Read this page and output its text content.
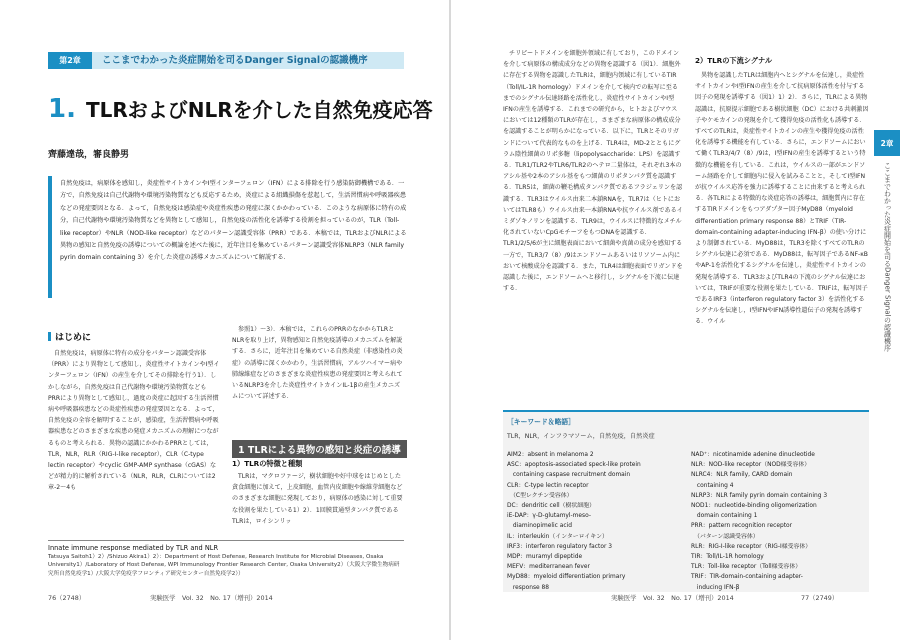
第2章	ここまでわかった炎症開始を司るDanger Signalの認識機序
1. TLRおよびNLRを介した自然免疫応答
齊藤達哉，審良静男

自然免疫は，病原体を感知し，炎症性サイトカインやⅠ型インターフェロン（IFN）による排除を行う感染防御機構である．一方で，自然免疫は自己代謝物や環境汚染物質なども反応するため，炎症による組織損傷を惹起して，生活習慣病や呼吸器疾患などの発症要因となる．よって，自然免疫は感染症や炎症性疾患の発症に深くかかわっている．このような病原体に特有の成分，自己代謝物や環境汚染物質などを異物として感知し，自然免疫の活性化を誘導する役割を担っているのが，TLR（Toll-like receptor）やNLR（NOD-like receptor）などのパターン認識受容体（PRR）である．本稿では，TLRおよびNLRによる異物の感知と自然免疫の誘導についての概論を述べた後に，近年注目を集めているパターン認識受容体NLRP3（NLR family pyrin domain containing 3）を介した炎症の誘導メカニズムについて解説する．

はじめに

自然免疫は，病原体に特有の成分をパターン認識受容体（PRR）により異物として感知し，炎症性サイトカインやⅠ型インターフェロン（IFN）の産生を介してその排除を行う1）．しかしながら，自然免疫は自己代謝物や環境汚染物質なども PRRにより異物として感知し，過度の炎症に起因する生活習慣病や呼吸器疾患などの炎症性疾患の発症要因となる．よって，自然免疫の全容を解明することが，感染症，生活習慣病や呼吸器疾患などのさまざまな疾患の発症メカニズムの理解につながるものと考えられる．異物の認識にかかわるPRRとしては，TLR，NLR，RLR（RIG-I-like receptor），CLR（C-type lectin receptor）やcyclic GMP-AMP synthase（cGAS）などが精力的に解析されている（NLR，RLR，CLRについては2章-2〜4も

参照1）〜3）．本稿では，これらのPRRのなかからTLRとNLRを取り上げ，異物感知と自然免疫誘導のメカニズムを解説する．さらに，近年注目を集めている自然炎症（非感染性の炎症）の誘導に深くかかわり，生活習慣病，アルツハイマー病や肺線維症などのさまざまな炎症性疾患の発症要因と考えられているNLRP3を介した炎症性サイトカインIL-1βの産生メカニズムについて詳述する．

1 TLRによる異物の感知と炎症の誘導
1）TLRの特徴と種類

TLRは，マクロファージ，樹状細胞や好中球をはじめとした貪食細胞に加えて，上皮細胞，血管内皮細胞や線維芽細胞などのさまざまな細胞に発現しており，病原体の感染に対して重要な役割を果たしている1）2）．1回膜貫通型タンパク質であるTLRは，ロイシンリッ

Innate immune response mediated by TLR and NLR
Tatsuya Saitoh1）2）/Shizuo Akira1）2）：Department of Host Defense, Research Institute for Microbial Diseases, Osaka University1）/Laboratory of Host Defense, WPI Immunology Frontier Research Center, Osaka University2）（大阪大学微生物病研究所自然免疫学1）/大阪大学免疫学フロンティア研究センター自然免疫学2））
76（2748）	実験医学　Vol. 32　No. 17（増刊）2014

チリピートドメインを細胞外領域に有しており，このドメインを介して病原体の構成成分などの異物を認識する（図1）．細胞外に存在する異物を認識したTLRは，細胞内領域に有しているTIR（Toll/IL-1R homology）ドメインを介して核内での転写に至るまでのシグナル伝達経路を活性化し，炎症性サイトカインやⅠ型IFNの産生を誘導する．これまでの研究から，ヒトおよびマウスにおいては12種類のTLRが存在し，さまざまな病原体の構成成分を認識することが明らかになっている．以下に，TLRとそのリガンドについて代表的なものを上げる．TLR4は，MD-2とともにグラム陰性細菌のリポ多糖（lipopolysaccharide：LPS）を認識する．TLR1/TLR2やTLR6/TLR2のヘテロ二量体は，それぞれ3本のアシル基や2本のアシル基をもつ細菌のリポタンパク質を認識する．TLR5は，細菌の鞭毛構成タンパク質であるフラジェリンを認識する．TLR3はウイルス由来二本鎖RNAを，TLR7は（ヒトにおいてはTLR8も）ウイルス由来一本鎖RNAや抗ウイルス剤であるイミダゾキノリンを認識する．TLR9は，ウイルスに特徴的なメチル化されていないCpGモチーフをもつDNAを認識する．TLR1/2/5/6が主に細胞表面において細菌や真菌の成分を感知する一方で，TLR3/7（8）/9はエンドソームあるいはリソソーム内において核酸成分を認識する．また，TLR4は細胞表面でリガンドを認識した後に，エンドソームへと移行し，シグナルを下流に伝達する．

2）TLRの下流シグナル

異物を認識したTLRは細胞内へとシグナルを伝達し，炎症性サイトカインやⅠ型IFNの産生を介して抗病原体活性を付与する因子の発現を誘導する（図1）1）2）．さらに，TLRによる異物認識は，抗原提示細胞である樹状細胞（DC）における共刺激因子やケモカインの発現を介して獲得免疫の活性化も誘導する．すべてのTLRは，炎症性サイトカインの産生や獲得免疫の活性化を誘導する機能を有している．さらに，エンドソームにおいて働くTLR3/4/7（8）/9は，Ⅰ型IFNの産生を誘導するという特徴的な機能を有している．これは，ウイルスの一部がエンドソーム経路を介して細胞内に侵入を試みることと，そしてⅠ型IFNが抗ウイルス応答を強力に誘導することに由来すると考えられる．各TLRによる特徴的な炎症応答の誘導は，細胞質内に存在するTIRドメインをもつアダプター因子MyD88（myeloid differentiation primary response 88）とTRIF（TIR-domain-containing adapter-inducing IFN-β）の使い分けにより制御されている．MyD88は，TLR3を除くすべてのTLRのシグナル伝達に必須である．MyD88は，転写因子であるNF-κBやAP-1を活性化するシグナルを伝達し，炎症性サイトカインの発現を誘導する．TLR3およびTLR4の下流のシグナル伝達においては，TRIFが重要な役割を果たしている．TRIFは，転写因子であるIRF3（interferon regulatory factor 3）を活性化するシグナルを伝達し，Ⅰ型IFNやIFN誘導性遺伝子の発現を誘導する．ウイル

2章
ここまでわかった炎症開始を司るDanger Signalの認識機序
［キーワード＆略語］
TLR，NLR，インフラマソーム，自然免疫，自然炎症
AIM2：absent in melanoma 2
ASC：apoptosis-associated speck-like protein
　containing caspase recruitment domain
CLR：C-type lectin receptor
　（C型レクチン受容体）
DC：dendritic cell（樹状細胞）
iE-DAP：γ-D-glutamyl-meso-
　diaminopimelic acid
IL：interleukin（インターロイキン）
IRF3：interferon regulatory factor 3
MDP：muramyl dipeptide
MEFV：mediterranean fever
MyD88：myeloid differentiation primary
　response 88
NAD⁺：nicotinamide adenine dinucleotide
NLR：NOD-like receptor（NOD様受容体）
NLRC4：NLR family, CARD domain
　containing 4
NLRP3：NLR family pyrin domain containing 3
NOD1：nucleotide-binding oligomerization
　domain containing 1
PRR：pattern recognition receptor
　（パターン認識受容体）
RLR：RIG-I-like receptor（RIG-I様受容体）
TIR：Toll/IL-1R homology
TLR：Toll-like receptor（Toll様受容体）
TRIF：TIR-domain-containing adapter-
　inducing IFN-β
実験医学　Vol. 32　No. 17（増刊）2014	77（2749）
